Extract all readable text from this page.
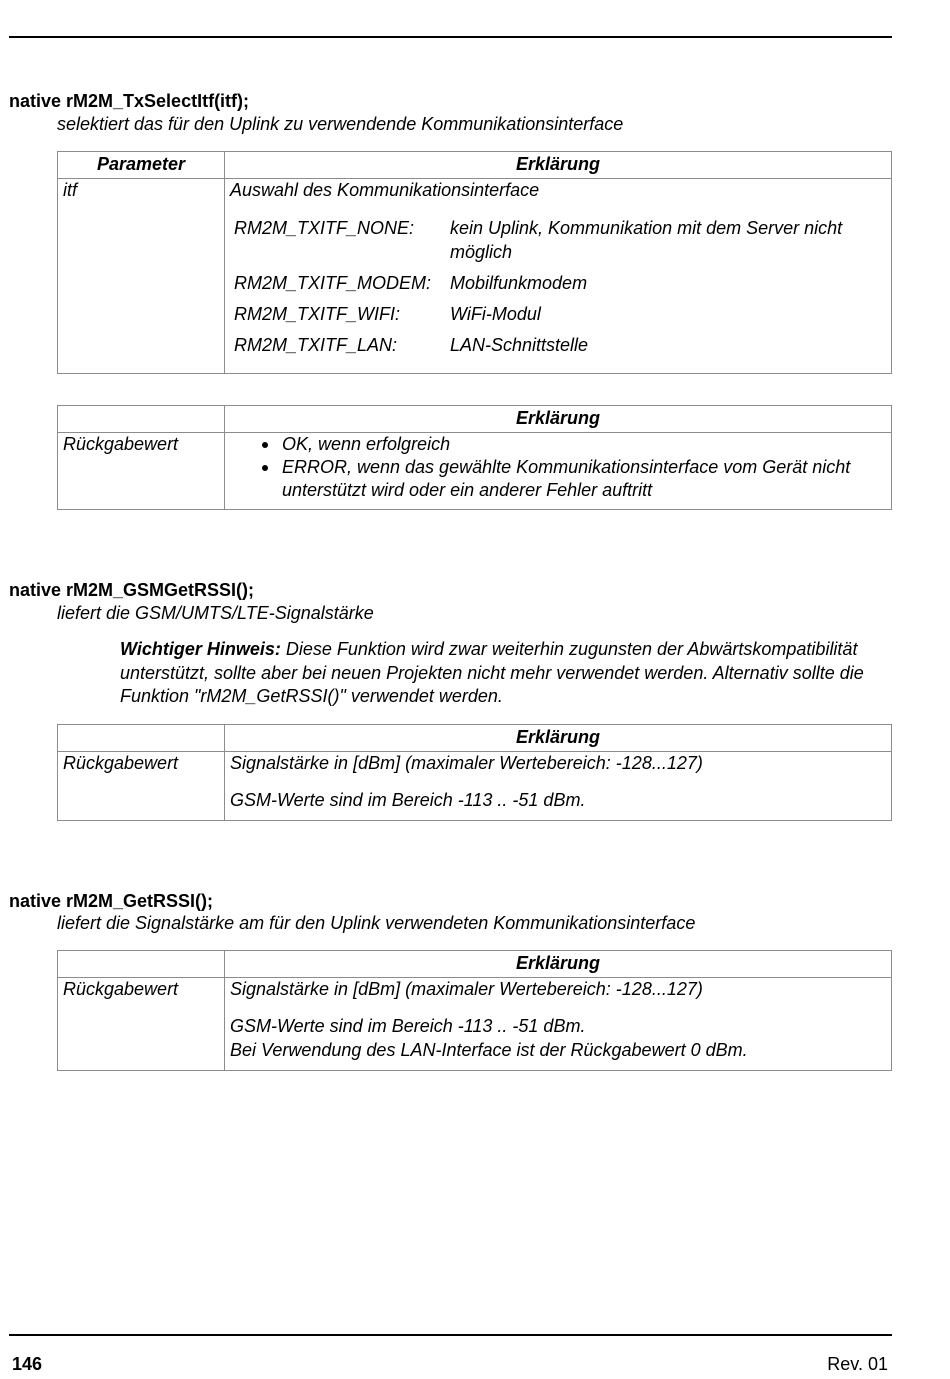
native rM2M_TxSelectItf(itf);
selektiert das für den Uplink zu verwendende Kommunikationsinterface
Parameter	Erklärung
itf	Auswahl des Kommunikationsinterface
RM2M_TXITF_NONE: kein Uplink, Kommunikation mit dem Server nicht
möglich
RM2M_TXITF_MODEM: Mobilfunkmodem
RM2M_TXITF_WIFI:	WiFi-Modul
RM2M_TXITF_LAN:	LAN-Schnittstelle
Erklärung
Rückgabewert	OK, wenn erfolgreich
ERROR, wenn das gewählte Kommunikationsinterface vom Gerät nicht
unterstützt wird oder ein anderer Fehler auftritt
native rM2M_GSMGetRSSI();
liefert die GSM/UMTS/LTE-Signalstärke
Wichtiger Hinweis: Diese Funktion wird zwar weiterhin zugunsten der Abwärtskompatibilität unterstützt, sollte aber bei neuen Projekten nicht mehr verwendet werden. Alternativ sollte die Funktion "rM2M_GetRSSI()" verwendet werden.
Erklärung
Rückgabewert	Signalstärke in [dBm] (maximaler Wertebereich: -128...127)
GSM-Werte sind im Bereich -113 .. -51 dBm.
native rM2M_GetRSSI();
liefert die Signalstärke am für den Uplink verwendeten Kommunikationsinterface
Erklärung
Rückgabewert	Signalstärke in [dBm] (maximaler Wertebereich: -128...127)
GSM-Werte sind im Bereich -113 .. -51 dBm.
Bei Verwendung des LAN-Interface ist der Rückgabewert 0 dBm.
146	Rev. 01
